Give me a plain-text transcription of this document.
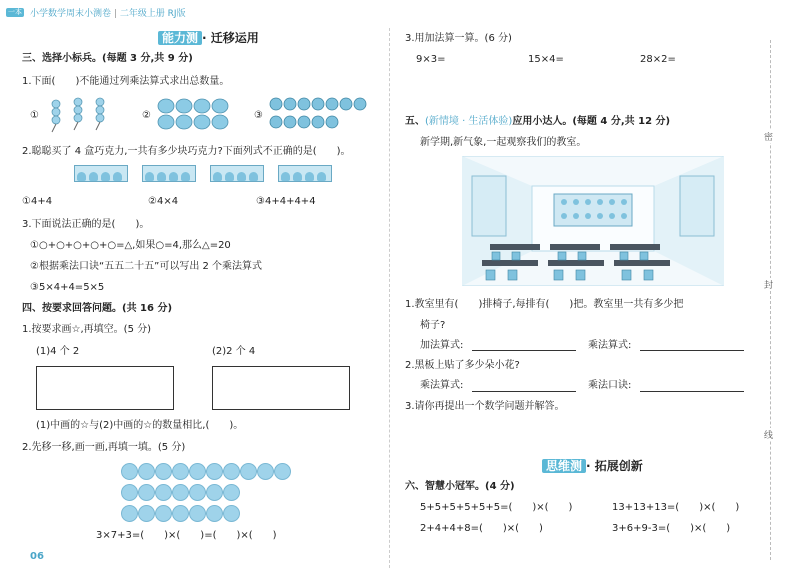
一本 小学数学周末小测卷 | 二年级上册 RJ版
能力测 · 迁移运用
三、选择小标兵。(每题 3 分,共 9 分)
1.下面(　　)不能通过列乘法算式求出总数量。
①	②	③
2.聪聪买了 4 盒巧克力,一共有多少块巧克力?下面列式不正确的是(　　)。
①4+4	②4×4	③4+4+4+4
3.下面说法正确的是(　　)。
①○+○+○+○+○=△,如果○=4,那么△=20
②根据乘法口诀“五五二十五”可以写出 2 个乘法算式
③5×4+4=5×5
四、按要求回答问题。(共 16 分)
1.按要求画☆,再填空。(5 分)
(1)4 个 2	(2)2 个 4
(1)中画的☆与(2)中画的☆的数量相比,(　　)。
2.先移一移,画一画,再填一填。(5 分)
3×7+3=(　　)×(　　)=(　　)×(　　)
06
3.用加法算一算。(6 分)
9×3=	15×4=	28×2=
五、(新情境 · 生活体验)应用小达人。(每题 4 分,共 12 分)
新学期,新气象,一起观察我们的教室。
1.教室里有(　　)排椅子,每排有(　　)把。教室里一共有多少把
椅子?
加法算式:	乘法算式:
2.黑板上贴了多少朵小花?
乘法算式:	乘法口诀:
3.请你再提出一个数学问题并解答。
思维测 · 拓展创新
六、智慧小冠军。(4 分)
5+5+5+5+5+5=(　　)×(　　)	13+13+13=(　　)×(　　)
2+4+4+8=(　　)×(　　)	3+6+9-3=(　　)×(　　)
密
封
线
